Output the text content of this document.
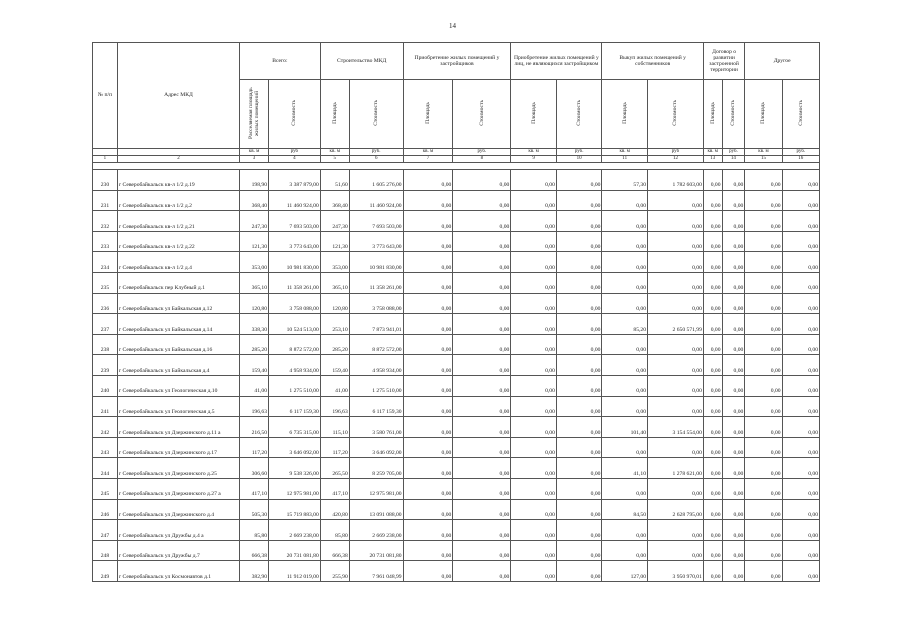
14
№ п/п	Адрес МКД	Всего:		Строительство МКД		Приобретение жилых помещений у застройщиков		Приобретение жилых помещений у лиц, не являющихся застройщиком		Выкуп жилых помещений у собственников		Договор о развитии застроенной территории		Другое	
		Расселяемая площадь жилых помещений	Стоимость	Площадь	Стоимость	Площадь	Стоимость	Площадь	Стоимость	Площадь	Стоимость	Площадь	Стоимость	Площадь	Стоимость
		кв. м	руб	кв. м	руб.	кв. м	руб.	кв. м	руб.	кв. м	руб	кв. м	руб.	кв. м	руб.
1	2	3	4	5	6	7	8	9	10	11	12	13	14	15	16

230	г Северобайкальск кв-л 1/2 д.19	198,90	3 387 879,00	51,60	1 605 276,00	0,00	0,00	0,00	0,00	57,30	1 782 603,00	0,00	0,00	0,00	0,00
231	г Северобайкальск кв-л 1/2 д.2	368,40	11 460 924,00	368,40	11 460 924,00	0,00	0,00	0,00	0,00	0,00	0,00	0,00	0,00	0,00	0,00
232	г Северобайкальск кв-л 1/2 д.21	247,30	7 693 503,00	247,30	7 693 503,00	0,00	0,00	0,00	0,00	0,00	0,00	0,00	0,00	0,00	0,00
233	г Северобайкальск кв-л 1/2 д.22	121,30	3 773 643,00	121,30	3 773 643,00	0,00	0,00	0,00	0,00	0,00	0,00	0,00	0,00	0,00	0,00
234	г Северобайкальск кв-л 1/2 д.4	353,00	10 981 830,00	353,00	10 981 830,00	0,00	0,00	0,00	0,00	0,00	0,00	0,00	0,00	0,00	0,00
235	г Северобайкальск пер Клубный д.1	365,10	11 358 261,00	365,10	11 358 261,00	0,00	0,00	0,00	0,00	0,00	0,00	0,00	0,00	0,00	0,00
236	г Северобайкальск ул Байкальская д.12	120,80	3 758 088,00	120,80	3 758 088,00	0,00	0,00	0,00	0,00	0,00	0,00	0,00	0,00	0,00	0,00
237	г Северобайкальск ул Байкальская д.14	338,30	10 524 513,00	253,10	7 873 941,01	0,00	0,00	0,00	0,00	85,20	2 650 571,99	0,00	0,00	0,00	0,00
238	г Северобайкальск ул Байкальская д.16	285,20	8 872 572,00	285,20	8 872 572,00	0,00	0,00	0,00	0,00	0,00	0,00	0,00	0,00	0,00	0,00
239	г Северобайкальск ул Байкальская д.4	159,40	4 958 934,00	159,40	4 958 934,00	0,00	0,00	0,00	0,00	0,00	0,00	0,00	0,00	0,00	0,00
240	г Северобайкальск ул Геологическая д.10	41,00	1 275 510,00	41,00	1 275 510,00	0,00	0,00	0,00	0,00	0,00	0,00	0,00	0,00	0,00	0,00
241	г Северобайкальск ул Геологическая д.5	196,63	6 117 159,30	196,63	6 117 159,30	0,00	0,00	0,00	0,00	0,00	0,00	0,00	0,00	0,00	0,00
242	г Северобайкальск ул Дзержинского д.11 а	216,50	6 735 315,00	115,10	3 580 761,00	0,00	0,00	0,00	0,00	101,40	3 154 554,00	0,00	0,00	0,00	0,00
243	г Северобайкальск ул Дзержинского д.17	117,20	3 646 092,00	117,20	3 646 092,00	0,00	0,00	0,00	0,00	0,00	0,00	0,00	0,00	0,00	0,00
244	г Северобайкальск ул Дзержинского д.25	306,60	9 538 326,00	265,50	8 259 705,00	0,00	0,00	0,00	0,00	41,10	1 278 621,00	0,00	0,00	0,00	0,00
245	г Северобайкальск ул Дзержинского д.27 а	417,10	12 975 981,00	417,10	12 975 981,00	0,00	0,00	0,00	0,00	0,00	0,00	0,00	0,00	0,00	0,00
246	г Северобайкальск ул Дзержинского д.4	505,30	15 719 883,00	420,80	13 091 088,00	0,00	0,00	0,00	0,00	84,50	2 628 795,00	0,00	0,00	0,00	0,00
247	г Северобайкальск ул Дружбы д.4 а	85,80	2 669 238,00	85,80	2 669 238,00	0,00	0,00	0,00	0,00	0,00	0,00	0,00	0,00	0,00	0,00
248	г Северобайкальск ул Дружбы д.7	666,38	20 731 081,80	666,38	20 731 081,80	0,00	0,00	0,00	0,00	0,00	0,00	0,00	0,00	0,00	0,00
249	г Северобайкальск ул Космонавтов д.1	382,90	11 912 019,00	255,90	7 961 048,99	0,00	0,00	0,00	0,00	127,00	3 950 970,01	0,00	0,00	0,00	0,00
